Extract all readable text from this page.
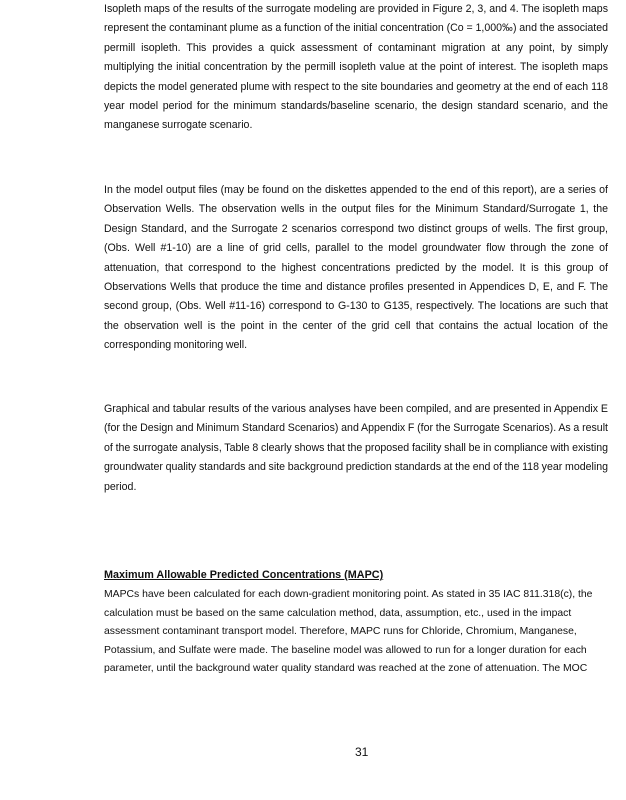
Isopleth maps of the results of the surrogate modeling are provided in Figure 2, 3, and 4. The isopleth maps represent the contaminant plume as a function of the initial concentration (Co = 1,000‰) and the associated permill isopleth. This provides a quick assessment of contaminant migration at any point, by simply multiplying the initial concentration by the permill isopleth value at the point of interest. The isopleth maps depicts the model generated plume with respect to the site boundaries and geometry at the end of each 118 year model period for the minimum standards/baseline scenario, the design standard scenario, and the manganese surrogate scenario.

In the model output files (may be found on the diskettes appended to the end of this report), are a series of Observation Wells. The observation wells in the output files for the Minimum Standard/Surrogate 1, the Design Standard, and the Surrogate 2 scenarios correspond two distinct groups of wells. The first group, (Obs. Well #1-10) are a line of grid cells, parallel to the model groundwater flow through the zone of attenuation, that correspond to the highest concentrations predicted by the model. It is this group of Observations Wells that produce the time and distance profiles presented in Appendices D, E, and F. The second group, (Obs. Well #11-16) correspond to G-130 to G135, respectively. The locations are such that the observation well is the point in the center of the grid cell that contains the actual location of the corresponding monitoring well.

Graphical and tabular results of the various analyses have been compiled, and are presented in Appendix E (for the Design and Minimum Standard Scenarios) and Appendix F (for the Surrogate Scenarios). As a result of the surrogate analysis, Table 8 clearly shows that the proposed facility shall be in compliance with existing groundwater quality standards and site background prediction standards at the end of the 118 year modeling period.

Maximum Allowable Predicted Concentrations (MAPC)

MAPCs have been calculated for each down-gradient monitoring point. As stated in 35 IAC 811.318(c), the calculation must be based on the same calculation method, data, assumption, etc., used in the impact assessment contaminant transport model. Therefore, MAPC runs for Chloride, Chromium, Manganese, Potassium, and Sulfate were made. The baseline model was allowed to run for a longer duration for each parameter, until the background water quality standard was reached at the zone of attenuation. The MOC

31
